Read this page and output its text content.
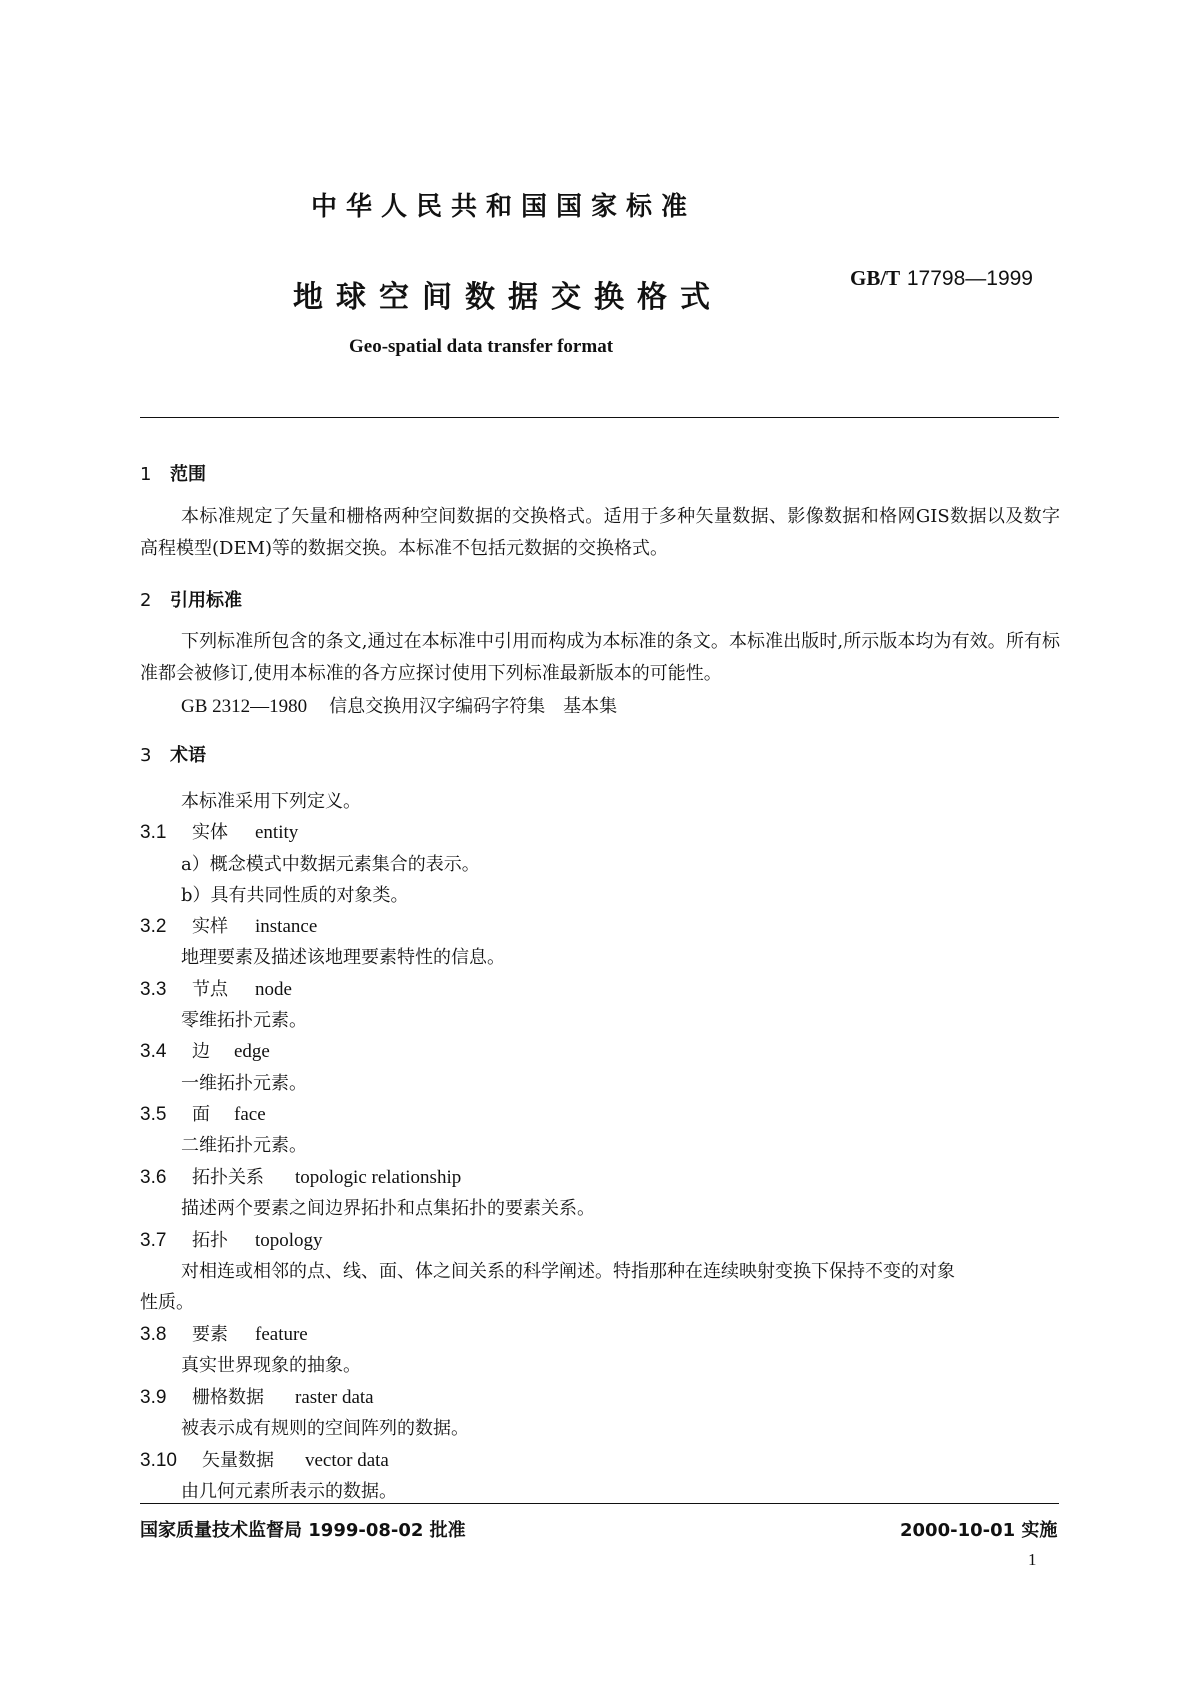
中华人民共和国国家标准
地球空间数据交换格式
GB/T 17798—1999
Geo-spatial data transfer format
1 范围
本标准规定了矢量和栅格两种空间数据的交换格式。适用于多种矢量数据、影像数据和格网GIS数据以及数字高程模型(DEM)等的数据交换。本标准不包括元数据的交换格式。
2 引用标准
下列标准所包含的条文,通过在本标准中引用而构成为本标准的条文。本标准出版时,所示版本均为有效。所有标准都会被修订,使用本标准的各方应探讨使用下列标准最新版本的可能性。
GB 2312—1980 信息交换用汉字编码字符集　基本集
3 术语
本标准采用下列定义。
3.1 实体 entity
a）概念模式中数据元素集合的表示。
b）具有共同性质的对象类。
3.2 实样 instance
地理要素及描述该地理要素特性的信息。
3.3 节点 node
零维拓扑元素。
3.4 边 edge
一维拓扑元素。
3.5 面 face
二维拓扑元素。
3.6 拓扑关系 topologic relationship
描述两个要素之间边界拓扑和点集拓扑的要素关系。
3.7 拓扑 topology
对相连或相邻的点、线、面、体之间关系的科学阐述。特指那种在连续映射变换下保持不变的对象
性质。
3.8 要素 feature
真实世界现象的抽象。
3.9 栅格数据 raster data
被表示成有规则的空间阵列的数据。
3.10 矢量数据 vector data
由几何元素所表示的数据。
国家质量技术监督局 1999-08-02 批准	2000-10-01 实施
1
